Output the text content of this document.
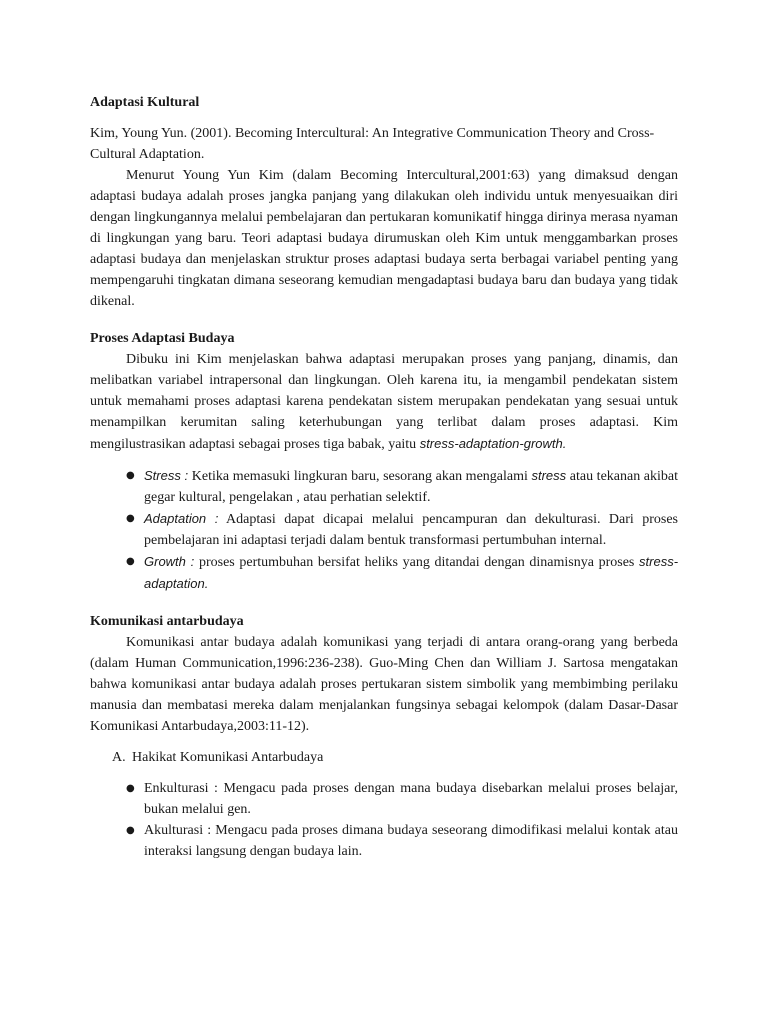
Adaptasi Kultural
Kim, Young Yun. (2001). Becoming Intercultural: An Integrative Communication Theory and Cross-Cultural Adaptation.

Menurut Young Yun Kim (dalam Becoming Intercultural,2001:63) yang dimaksud dengan adaptasi budaya adalah proses jangka panjang yang dilakukan oleh individu untuk menyesuaikan diri dengan lingkungannya melalui pembelajaran dan pertukaran komunikatif hingga dirinya merasa nyaman di lingkungan yang baru. Teori adaptasi budaya dirumuskan oleh Kim untuk menggambarkan proses adaptasi budaya dan menjelaskan struktur proses adaptasi budaya serta berbagai variabel penting yang mempengaruhi tingkatan dimana seseorang kemudian mengadaptasi budaya baru dan budaya yang tidak dikenal.

Proses Adaptasi Budaya

Dibuku ini Kim menjelaskan bahwa adaptasi merupakan proses yang panjang, dinamis, dan melibatkan variabel intrapersonal dan lingkungan. Oleh karena itu, ia mengambil pendekatan sistem untuk memahami proses adaptasi karena pendekatan sistem merupakan pendekatan yang sesuai untuk menampilkan kerumitan saling keterhubungan yang terlibat dalam proses adaptasi. Kim mengilustrasikan adaptasi sebagai proses tiga babak, yaitu stress-adaptation-growth.

● Stress : Ketika memasuki lingkuran baru, sesorang akan mengalami stress atau tekanan akibat gegar kultural, pengelakan , atau perhatian selektif.
● Adaptation : Adaptasi dapat dicapai melalui pencampuran dan dekulturasi. Dari proses pembelajaran ini adaptasi terjadi dalam bentuk transformasi pertumbuhan internal.
● Growth : proses pertumbuhan bersifat heliks yang ditandai dengan dinamisnya proses stress-adaptation.
Komunikasi antarbudaya

Komunikasi antar budaya adalah komunikasi yang terjadi di antara orang-orang yang berbeda (dalam Human Communication,1996:236-238). Guo-Ming Chen dan William J. Sartosa mengatakan bahwa komunikasi antar budaya adalah proses pertukaran sistem simbolik yang membimbing perilaku manusia dan membatasi mereka dalam menjalankan fungsinya sebagai kelompok (dalam Dasar-Dasar Komunikasi Antarbudaya,2003:11-12).

A. Hakikat Komunikasi Antarbudaya
● Enkulturasi : Mengacu pada proses dengan mana budaya disebarkan melalui proses belajar, bukan melalui gen.
● Akulturasi : Mengacu pada proses dimana budaya seseorang dimodifikasi melalui kontak atau interaksi langsung dengan budaya lain.
